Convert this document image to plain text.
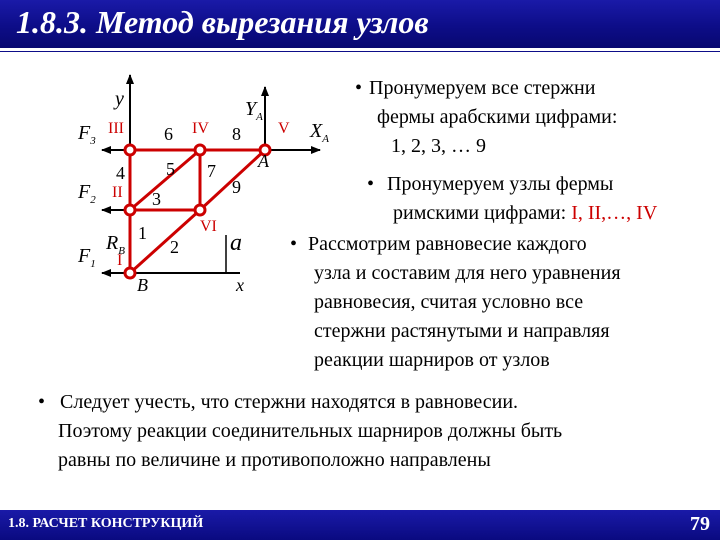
1.8.3. Метод вырезания узлов
y
x
a
$Y_A$
$X_A$
$F_3$
$F_2$
$F_1$
$R_B$
I
II
III	IV	V
VI
A
B
1
2
3
4 5
6
7
8
9
• Пронумеруем все стержни
фермы арабскими цифрами:
1, 2, 3, … 9
• Пронумеруем узлы фермы
римскими цифрами: I, II,…, IV
• Рассмотрим равновесие каждого
узла и составим для него уравнения
равновесия, считая условно все
стержни растянутыми и направляя
реакции шарниров от узлов
• Следует учесть, что стержни находятся в равновесии.
Поэтому реакции соединительных шарниров должны быть
равны по величине и противоположно направлены
1.8. РАСЧЕТ КОНСТРУКЦИЙ	79
